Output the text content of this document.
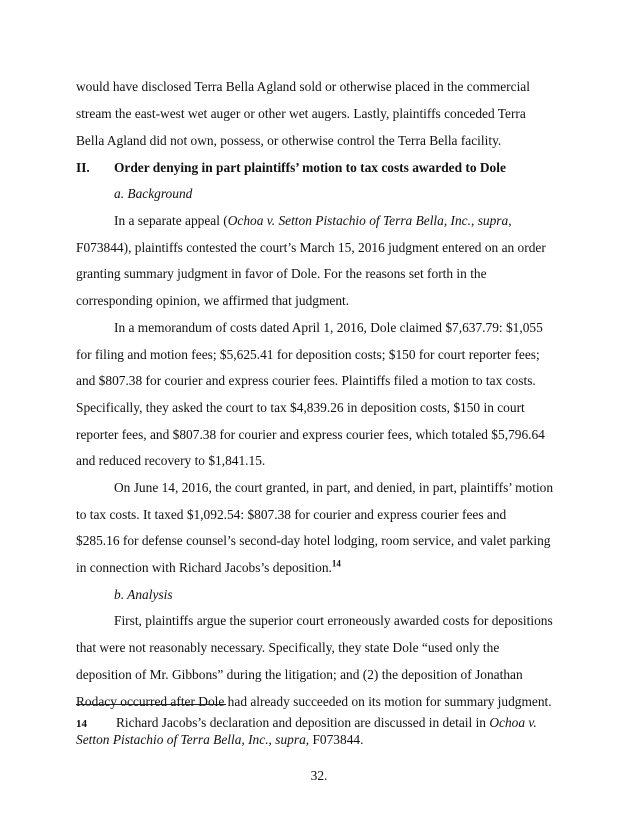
would have disclosed Terra Bella Agland sold or otherwise placed in the commercial
stream the east-west wet auger or other wet augers. Lastly, plaintiffs conceded Terra
Bella Agland did not own, possess, or otherwise control the Terra Bella facility.
II. Order denying in part plaintiffs’ motion to tax costs awarded to Dole
a. Background
In a separate appeal (Ochoa v. Setton Pistachio of Terra Bella, Inc., supra,
F073844), plaintiffs contested the court’s March 15, 2016 judgment entered on an order
granting summary judgment in favor of Dole. For the reasons set forth in the
corresponding opinion, we affirmed that judgment.
In a memorandum of costs dated April 1, 2016, Dole claimed $7,637.79: $1,055
for filing and motion fees; $5,625.41 for deposition costs; $150 for court reporter fees;
and $807.38 for courier and express courier fees. Plaintiffs filed a motion to tax costs.
Specifically, they asked the court to tax $4,839.26 in deposition costs, $150 in court
reporter fees, and $807.38 for courier and express courier fees, which totaled $5,796.64
and reduced recovery to $1,841.15.
On June 14, 2016, the court granted, in part, and denied, in part, plaintiffs’ motion
to tax costs. It taxed $1,092.54: $807.38 for courier and express courier fees and
$285.16 for defense counsel’s second-day hotel lodging, room service, and valet parking
in connection with Richard Jacobs’s deposition.$^{14}$
b. Analysis
First, plaintiffs argue the superior court erroneously awarded costs for depositions
that were not reasonably necessary. Specifically, they state Dole “used only the
deposition of Mr. Gibbons” during the litigation; and (2) the deposition of Jonathan
Rodacy occurred after Dole had already succeeded on its motion for summary judgment.
14 Richard Jacobs’s declaration and deposition are discussed in detail in Ochoa v.
Setton Pistachio of Terra Bella, Inc., supra, F073844.
32.
